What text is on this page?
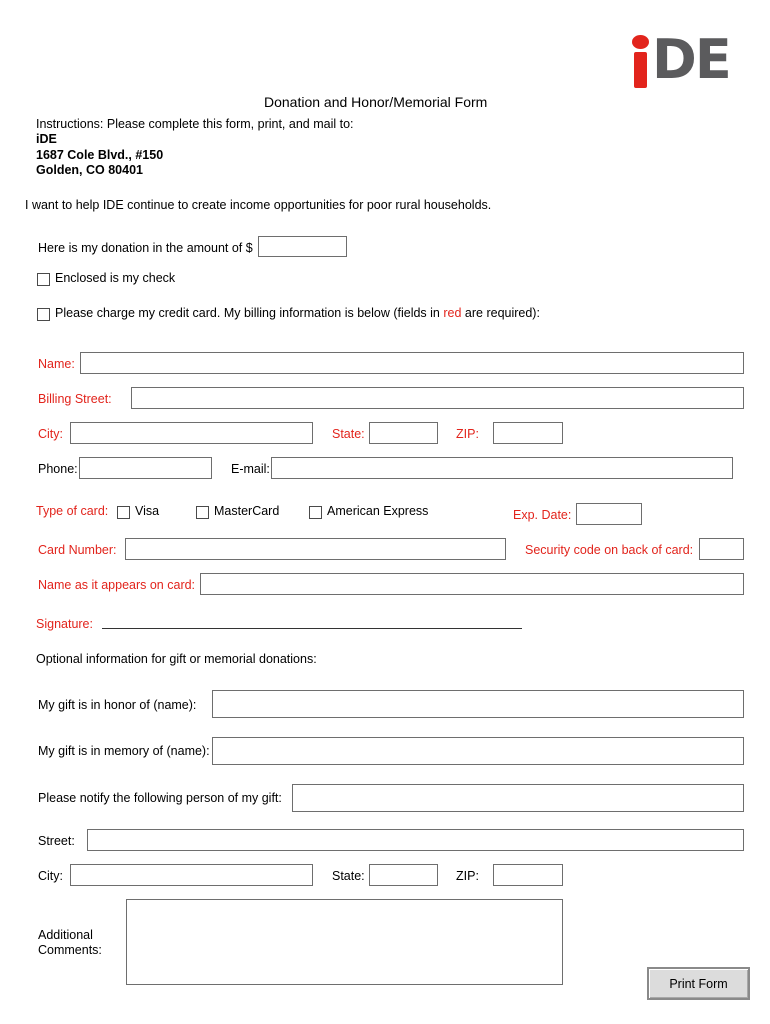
DE
Donation and Honor/Memorial Form
Instructions: Please complete this form, print, and mail to:
iDE
1687 Cole Blvd., #150
Golden, CO 80401
I want to help IDE continue to create income opportunities for poor rural households.
Here is my donation in the amount of $
Enclosed is my check
Please charge my credit card. My billing information is below (fields in red are required):
Name:
Billing Street:
City:	State:	ZIP:
Phone:	E-mail:
Type of card: Visa	MasterCard	American Express	Exp. Date:
Card Number:	Security code on back of card:
Name as it appears on card:
Signature:
Optional information for gift or memorial donations:
My gift is in honor of (name):
My gift is in memory of (name):
Please notify the following person of my gift:
Street:
City:	State:	ZIP:
Additional
Comments:
Print Form
